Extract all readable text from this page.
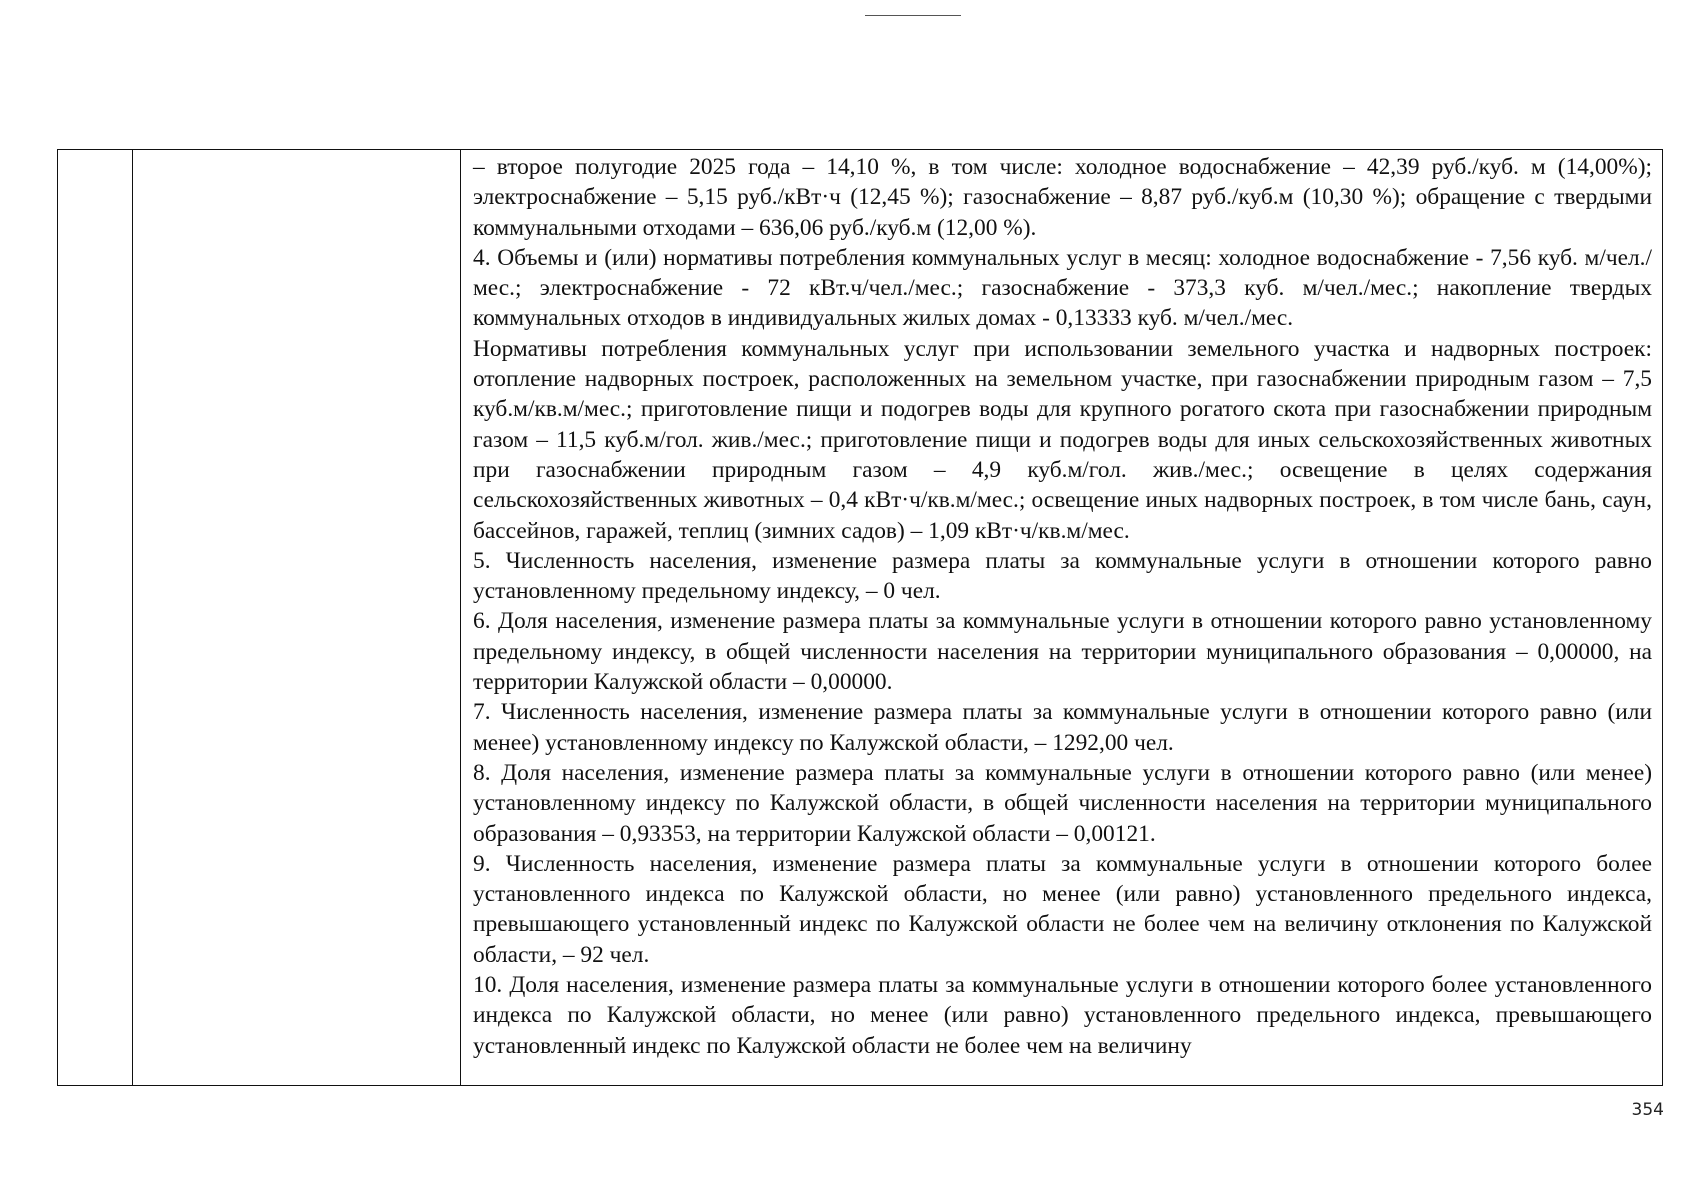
– второе полугодие 2025 года – 14,10 %, в том числе: холодное водоснабжение – 42,39 руб./куб. м (14,00%); электроснабжение – 5,15 руб./кВт·ч (12,45 %); газоснабжение – 8,87 руб./куб.м (10,30 %); обращение с твердыми коммунальными отходами – 636,06 руб./куб.м (12,00 %).

4. Объемы и (или) нормативы потребления коммунальных услуг в месяц: холодное водоснабжение - 7,56 куб. м/чел./мес.; электроснабжение - 72 кВт.ч/чел./мес.; газоснабжение - 373,3 куб. м/чел./мес.; накопление твердых коммунальных отходов в индивидуальных жилых домах - 0,13333 куб. м/чел./мес.

Нормативы потребления коммунальных услуг при использовании земельного участка и надворных построек: отопление надворных построек, расположенных на земельном участке, при газоснабжении природным газом – 7,5 куб.м/кв.м/мес.; приготовление пищи и подогрев воды для крупного рогатого скота при газоснабжении природным газом – 11,5 куб.м/гол. жив./мес.; приготовление пищи и подогрев воды для иных сельскохозяйственных животных при газоснабжении природным газом – 4,9 куб.м/гол. жив./мес.; освещение в целях содержания сельскохозяйственных животных – 0,4 кВт·ч/кв.м/мес.; освещение иных надворных построек, в том числе бань, саун, бассейнов, гаражей, теплиц (зимних садов) – 1,09 кВт·ч/кв.м/мес.

5. Численность населения, изменение размера платы за коммунальные услуги в отношении которого равно установленному предельному индексу, – 0 чел.

6. Доля населения, изменение размера платы за коммунальные услуги в отношении которого равно установленному предельному индексу, в общей численности населения на территории муниципального образования – 0,00000, на территории Калужской области – 0,00000.

7. Численность населения, изменение размера платы за коммунальные услуги в отношении которого равно (или менее) установленному индексу по Калужской области, – 1292,00 чел.

8. Доля населения, изменение размера платы за коммунальные услуги в отношении которого равно (или менее) установленному индексу по Калужской области, в общей численности населения на территории муниципального образования – 0,93353, на территории Калужской области – 0,00121.

9. Численность населения, изменение размера платы за коммунальные услуги в отношении которого более установленного индекса по Калужской области, но менее (или равно) установленного предельного индекса, превышающего установленный индекс по Калужской области не более чем на величину отклонения по Калужской области, – 92 чел.

10. Доля населения, изменение размера платы за коммунальные услуги в отношении которого более установленного индекса по Калужской области, но менее (или равно) установленного предельного индекса, превышающего установленный индекс по Калужской области не более чем на величину

354
